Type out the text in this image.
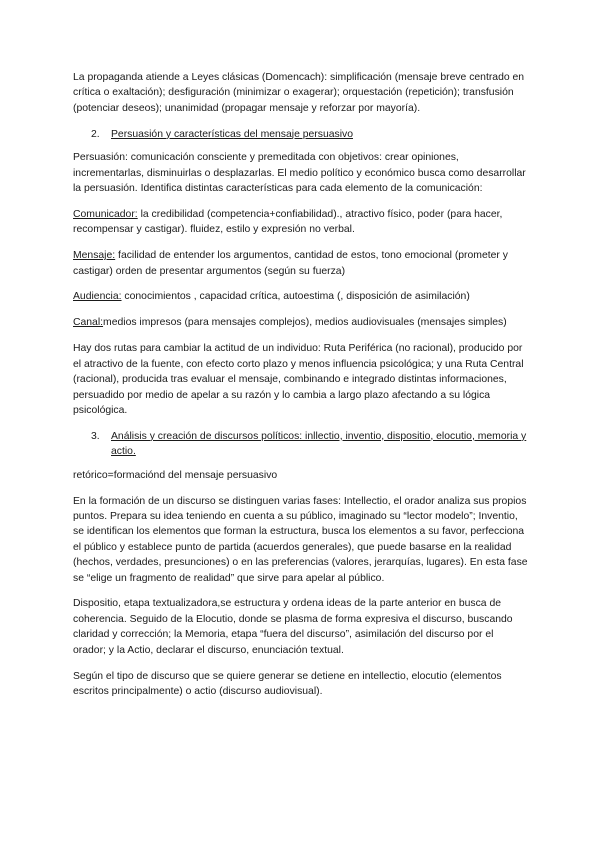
La propaganda atiende a Leyes clásicas (Domencach): simplificación (mensaje breve centrado en crítica o exaltación); desfiguración (minimizar o exagerar); orquestación (repetición); transfusión (potenciar deseos); unanimidad (propagar mensaje y reforzar por mayoría).

2.	Persuasión y características del mensaje persuasivo

Persuasión: comunicación consciente y premeditada con objetivos: crear opiniones, incrementarlas, disminuirlas o desplazarlas. El medio político y económico busca como desarrollar la persuasión. Identifica distintas características para cada elemento de la comunicación:

Comunicador: la credibilidad (competencia+confiabilidad)., atractivo físico, poder (para hacer, recompensar y castigar). fluidez, estilo y expresión no verbal.

Mensaje: facilidad de entender los argumentos, cantidad de estos, tono emocional (prometer y castigar) orden de presentar argumentos (según su fuerza)

Audiencia: conocimientos , capacidad crítica, autoestima (, disposición de asimilación)

Canal:medios impresos (para mensajes complejos), medios audiovisuales (mensajes simples)

Hay dos rutas para cambiar la actitud de un individuo: Ruta Periférica (no racional), producido por el atractivo de la fuente, con efecto corto plazo y menos influencia psicológica; y una Ruta Central (racional), producida tras evaluar el mensaje, combinando e integrado distintas informaciones, persuadido por medio de apelar a su razón y lo cambia a largo plazo afectando a su lógica psicológica.

3.	Análisis y creación de discursos políticos: inllectio, inventio, dispositio, elocutio, memoria y actio.

retórico=formaciónd del mensaje persuasivo

En la formación de un discurso se distinguen varias fases: Intellectio, el orador analiza sus propios puntos. Prepara su idea teniendo en cuenta a su público, imaginado su “lector modelo”; Inventio, se identifican los elementos que forman la estructura, busca los elementos a su favor, perfecciona el público y establece punto de partida (acuerdos generales), que puede basarse en la realidad (hechos, verdades, presunciones) o en las preferencias (valores, jerarquías, lugares). En esta fase se “elige un fragmento de realidad” que sirve para apelar al público.

Dispositio, etapa textualizadora,se estructura y ordena ideas de la parte anterior en busca de coherencia. Seguido de la Elocutio, donde se plasma de forma expresiva el discurso, buscando claridad y corrección; la Memoria, etapa “fuera del discurso”, asimilación del discurso por el orador; y la Actio, declarar el discurso, enunciación textual.

Según el tipo de discurso que se quiere generar se detiene en intellectio, elocutio (elementos escritos principalmente) o actio (discurso audiovisual).
